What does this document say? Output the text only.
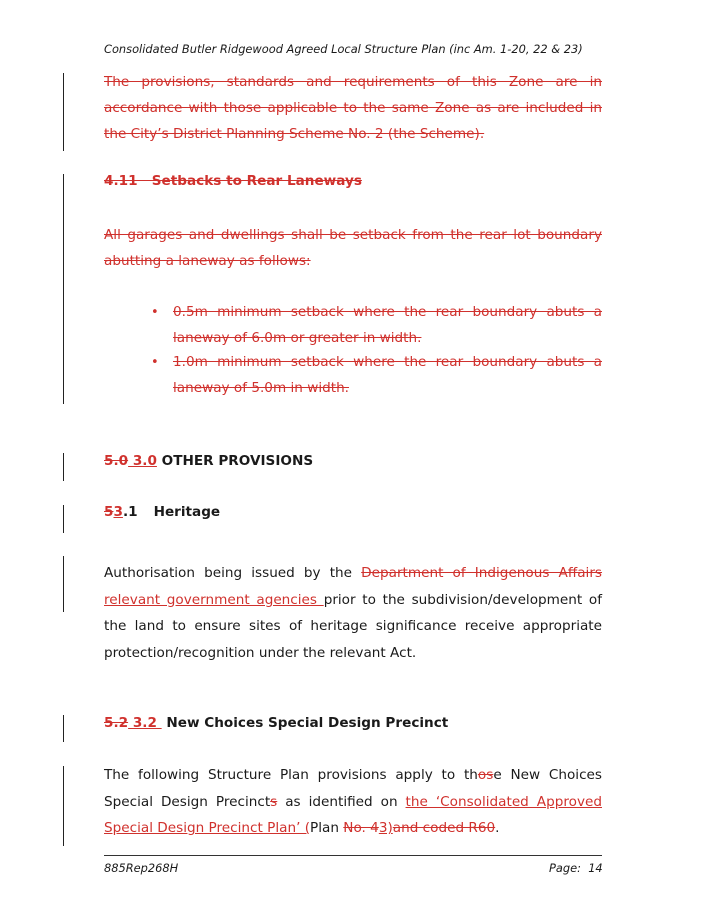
Consolidated Butler Ridgewood Agreed Local Structure Plan (inc Am. 1-20, 22 & 23)
The provisions, standards and requirements of this Zone are in accordance with those applicable to the same Zone as are included in the City’s District Planning Scheme No. 2 (the Scheme).
4.11   Setbacks to Rear Laneways
All garages and dwellings shall be setback from the rear lot boundary abutting a laneway as follows:
• 0.5m minimum setback where the rear boundary abuts a laneway of 6.0m or greater in width.
• 1.0m minimum setback where the rear boundary abuts a laneway of 5.0m in width.
5.0 3.0 OTHER PROVISIONS
53.1 Heritage
Authorisation being issued by the Department of Indigenous Affairs relevant government agencies prior to the subdivision/development of the land to ensure sites of heritage significance receive appropriate protection/recognition under the relevant Act.
5.2 3.2  New Choices Special Design Precinct
The following Structure Plan provisions apply to those New Choices Special Design Precincts as identified on the ‘Consolidated Approved Special Design Precinct Plan’ (Plan No. 43)and coded R60.
885Rep268H	Page: 14
